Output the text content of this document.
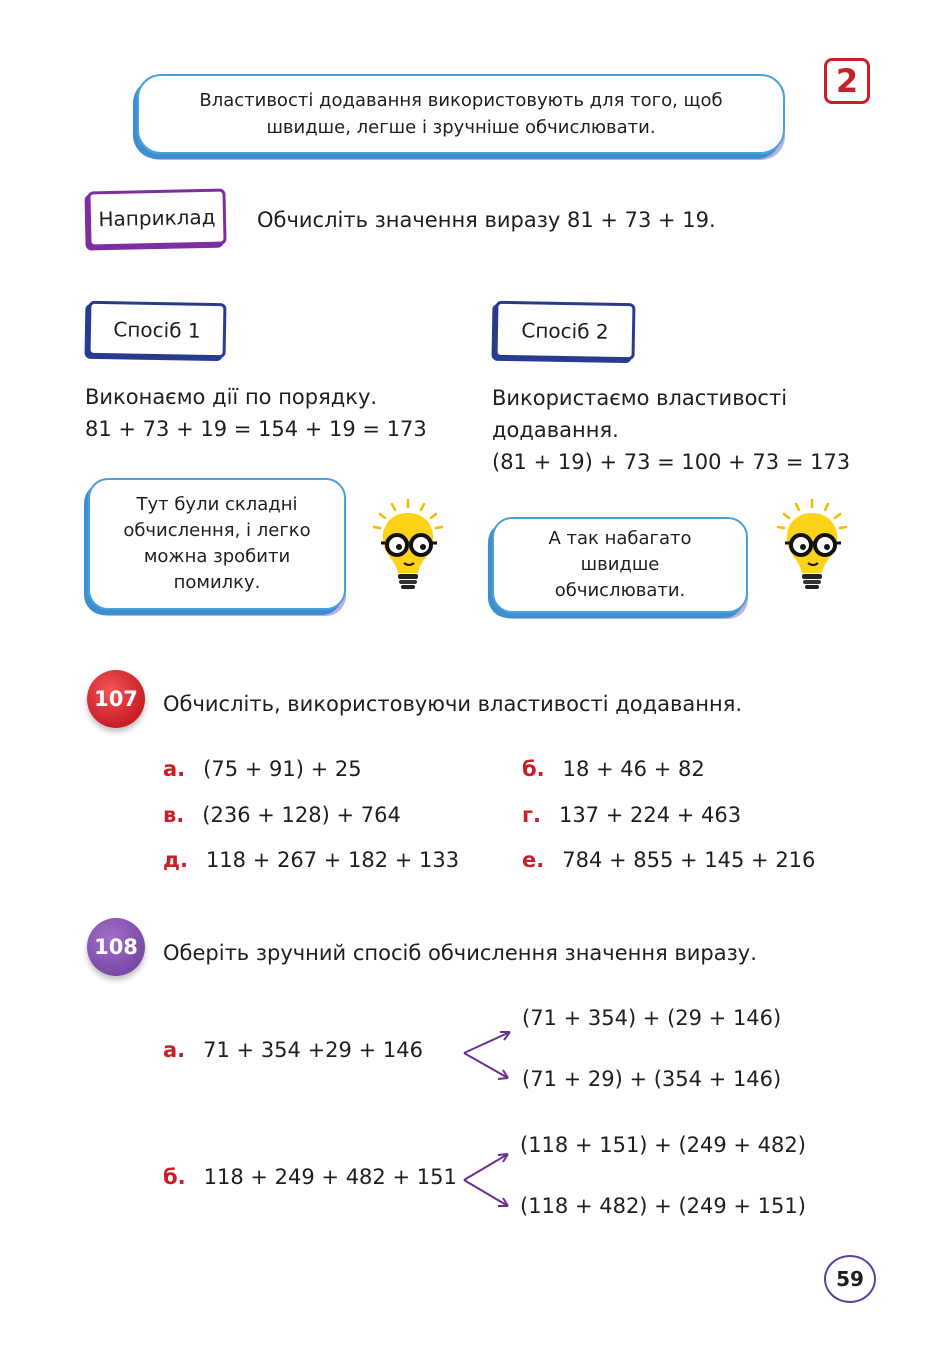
2
Властивості додавання використовують для того, щоб швидше, легше і зручніше обчислювати.
Наприклад	Обчисліть значення виразу 81 + 73 + 19.
Спосіб 1
Виконаємо дії по порядку.
81 + 73 + 19 = 154 + 19 = 173
Спосіб 2
Використаємо властивості
додавання.
(81 + 19) + 73 = 100 + 73 = 173
Тут були складні обчислення, і легко можна зробити помилку.
А так набагато швидше обчислювати.
107	Обчисліть, використовуючи властивості додавання.
а. (75 + 91) + 25	б. 18 + 46 + 82
в. (236 + 128) + 764	г. 137 + 224 + 463
д. 118 + 267 + 182 + 133	е. 784 + 855 + 145 + 216
108	Оберіть зручний спосіб обчислення значення виразу.
а. 71 + 354 +29 + 146
(71 + 354) + (29 + 146)
(71 + 29) + (354 + 146)
б. 118 + 249 + 482 + 151
(118 + 151) + (249 + 482)
(118 + 482) + (249 + 151)
59
